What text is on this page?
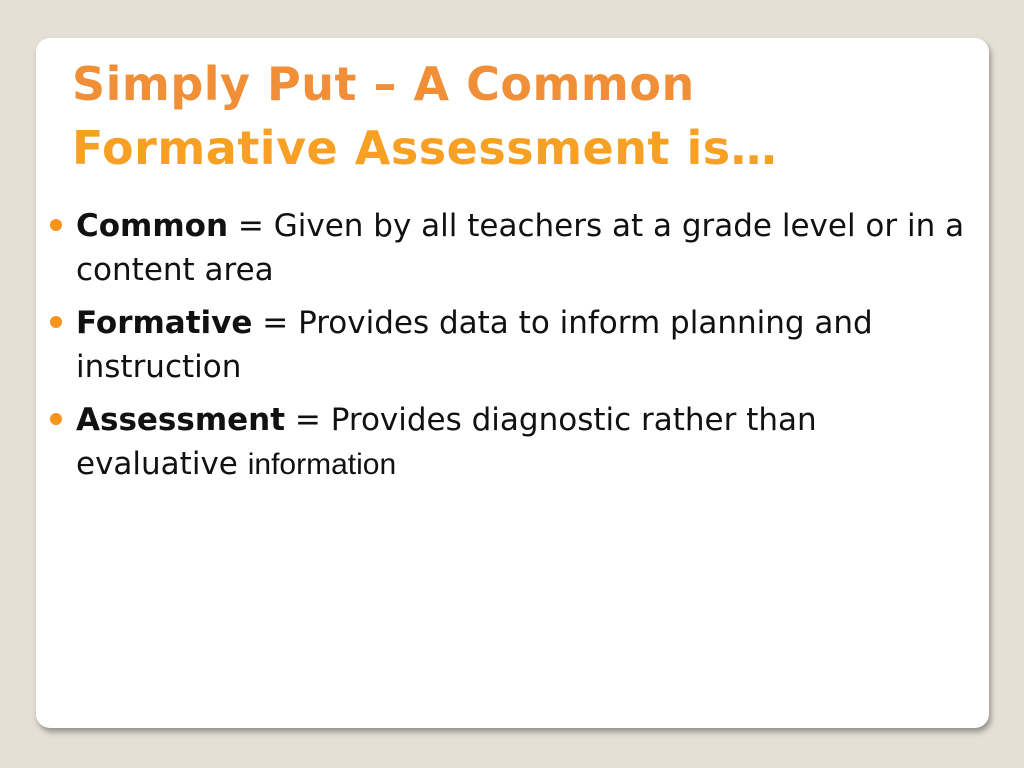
Simply Put – A Common
Formative Assessment is…
Common = Given by all teachers at a grade level or in a content area
Formative = Provides data to inform planning and instruction
Assessment = Provides diagnostic rather than evaluative information
